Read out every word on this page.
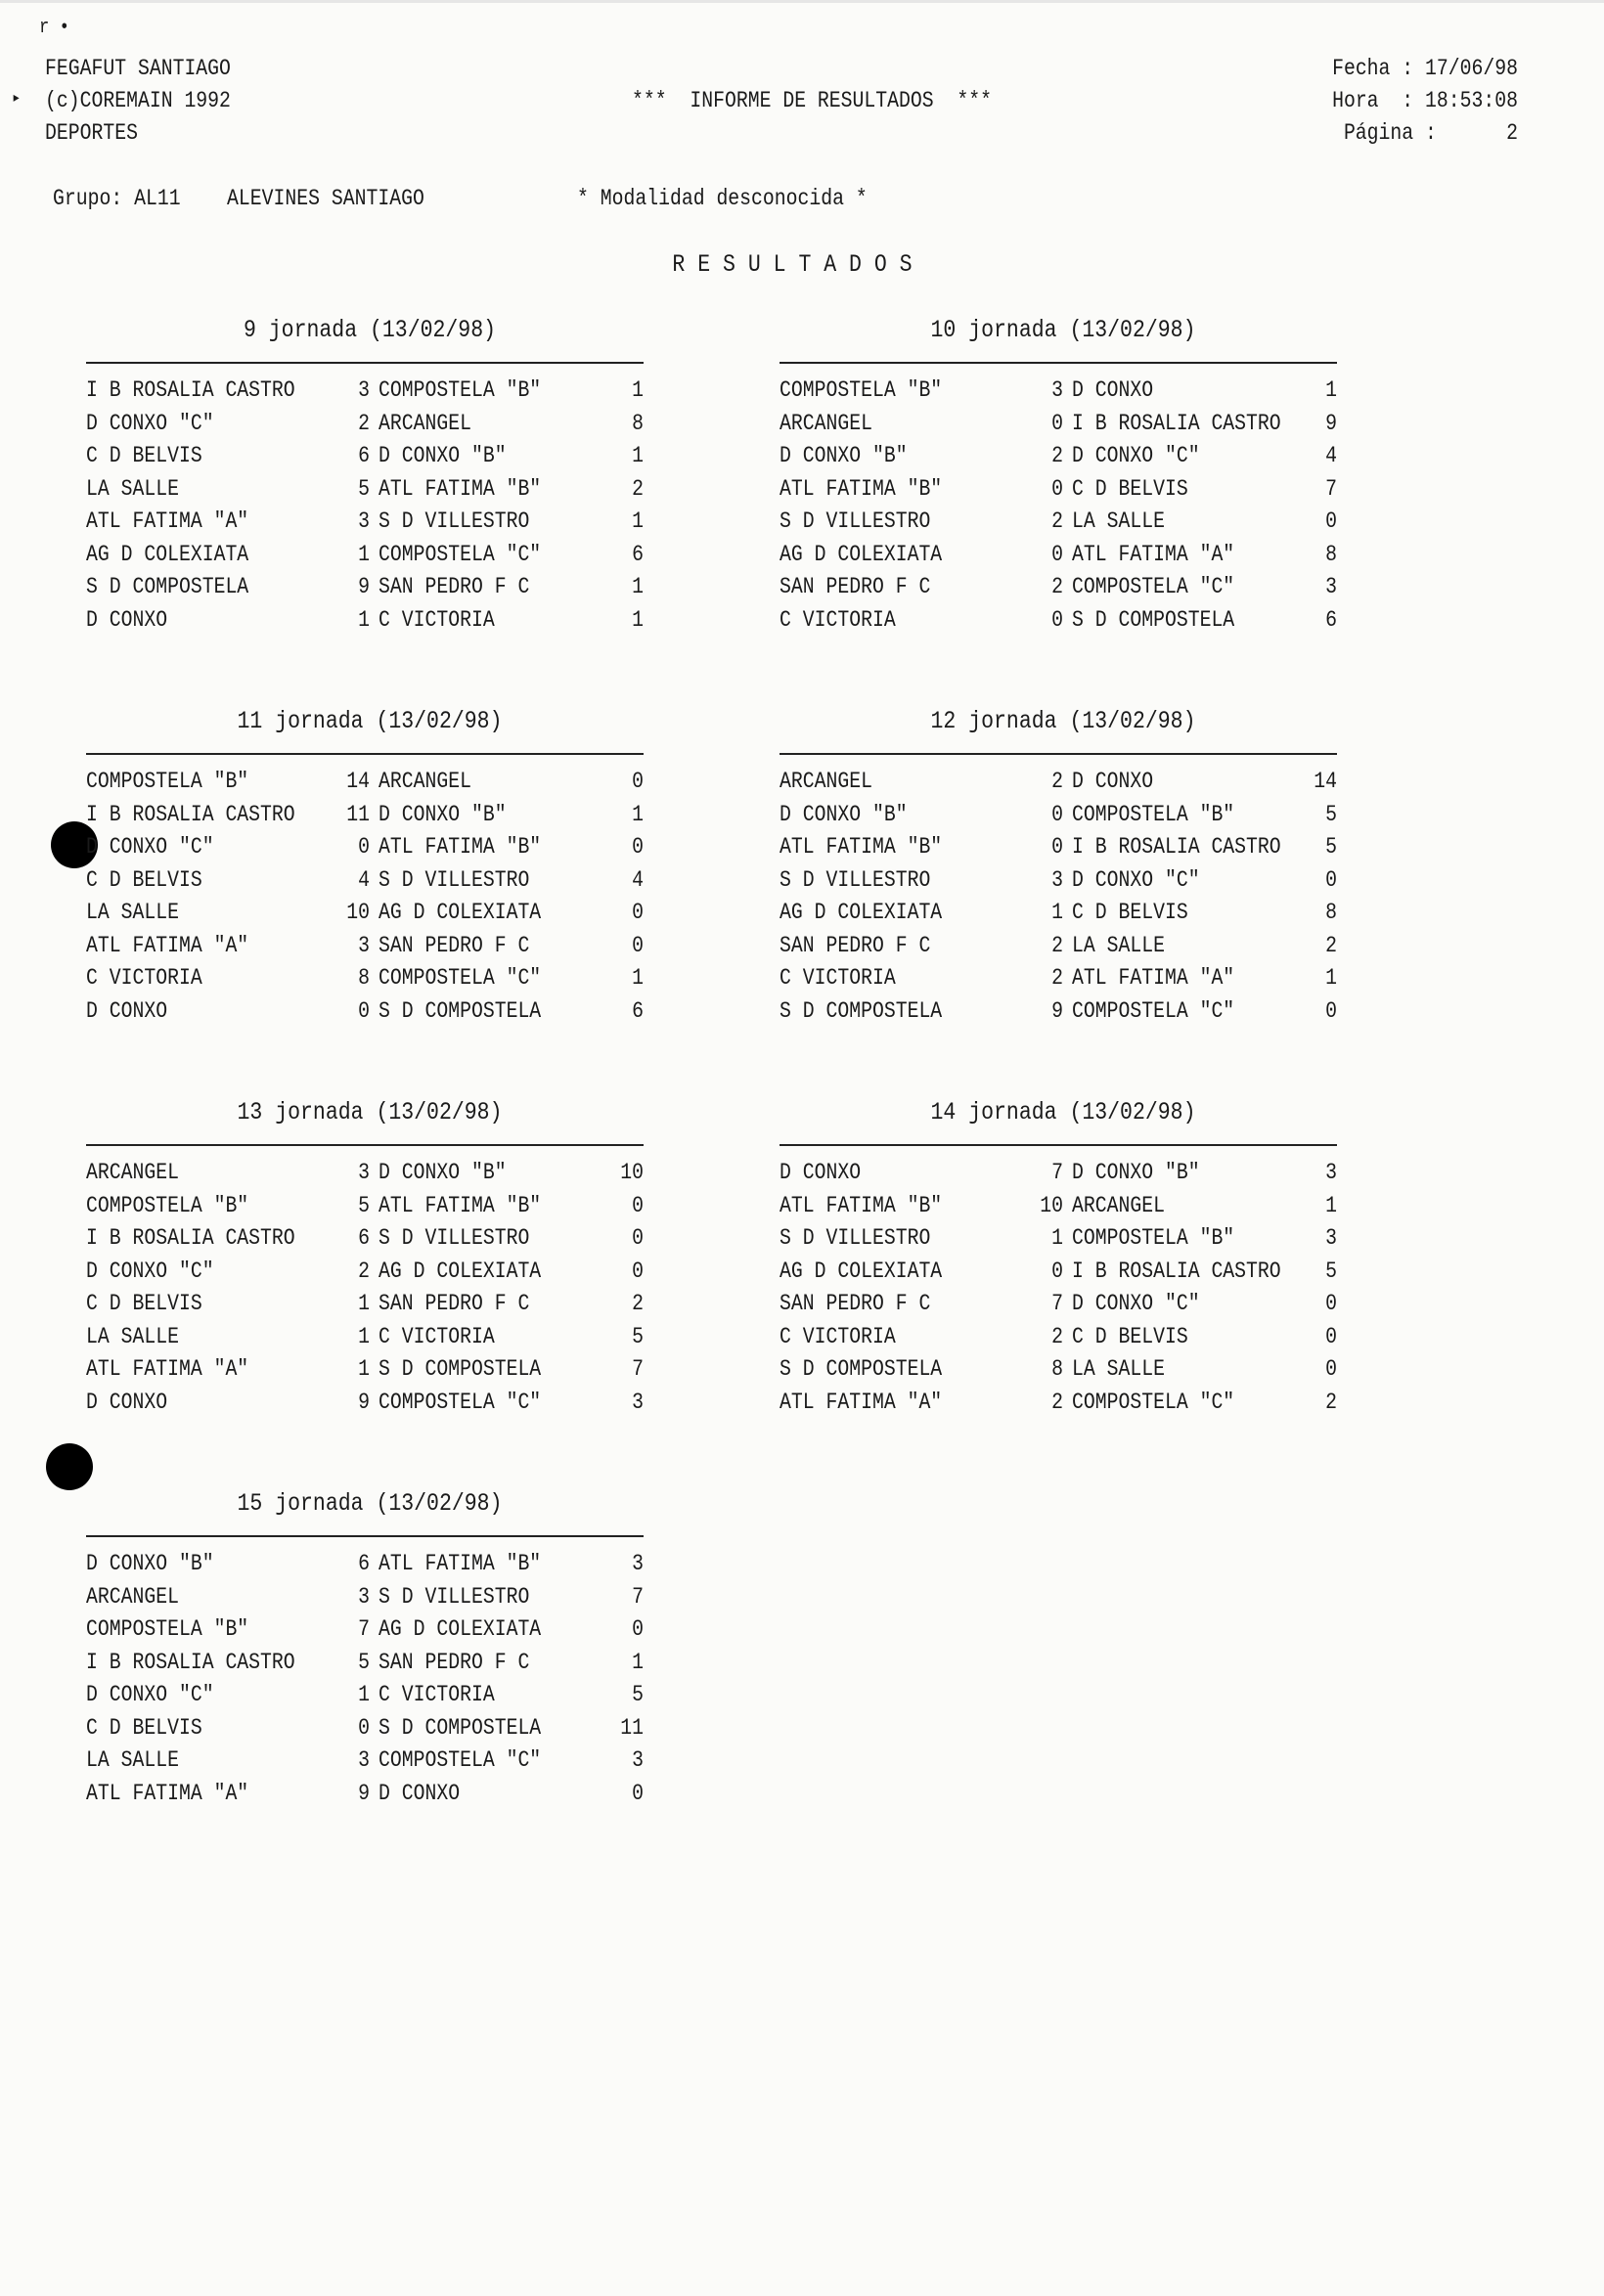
r •
▸
FEGAFUT SANTIAGO
(c)COREMAIN 1992
DEPORTES
***  INFORME DE RESULTADOS  ***
Fecha : 17/06/98
Hora  : 18:53:08
Página :      2
Grupo: AL11    ALEVINES SANTIAGO	* Modalidad desconocida *
R E S U L T A D O S
9 jornada (13/02/98)
I B ROSALIA CASTRO	3 COMPOSTELA "B"	1
D CONXO "C"	2 ARCANGEL	8
C D BELVIS	6 D CONXO "B"	1
LA SALLE	5 ATL FATIMA "B"	2
ATL FATIMA "A"	3 S D VILLESTRO	1
AG D COLEXIATA	1 COMPOSTELA "C"	6
S D COMPOSTELA	9 SAN PEDRO F C	1
D CONXO	1 C VICTORIA	1
10 jornada (13/02/98)
COMPOSTELA "B"	3 D CONXO	1
ARCANGEL	0 I B ROSALIA CASTRO	9
D CONXO "B"	2 D CONXO "C"	4
ATL FATIMA "B"	0 C D BELVIS	7
S D VILLESTRO	2 LA SALLE	0
AG D COLEXIATA	0 ATL FATIMA "A"	8
SAN PEDRO F C	2 COMPOSTELA "C"	3
C VICTORIA	0 S D COMPOSTELA	6
11 jornada (13/02/98)
COMPOSTELA "B"	14 ARCANGEL	0
I B ROSALIA CASTRO	11 D CONXO "B"	1
D CONXO "C"	0 ATL FATIMA "B"	0
C D BELVIS	4 S D VILLESTRO	4
LA SALLE	10 AG D COLEXIATA	0
ATL FATIMA "A"	3 SAN PEDRO F C	0
C VICTORIA	8 COMPOSTELA "C"	1
D CONXO	0 S D COMPOSTELA	6
12 jornada (13/02/98)
ARCANGEL	2 D CONXO	14
D CONXO "B"	0 COMPOSTELA "B"	5
ATL FATIMA "B"	0 I B ROSALIA CASTRO	5
S D VILLESTRO	3 D CONXO "C"	0
AG D COLEXIATA	1 C D BELVIS	8
SAN PEDRO F C	2 LA SALLE	2
C VICTORIA	2 ATL FATIMA "A"	1
S D COMPOSTELA	9 COMPOSTELA "C"	0
13 jornada (13/02/98)
ARCANGEL	3 D CONXO "B"	10
COMPOSTELA "B"	5 ATL FATIMA "B"	0
I B ROSALIA CASTRO	6 S D VILLESTRO	0
D CONXO "C"	2 AG D COLEXIATA	0
C D BELVIS	1 SAN PEDRO F C	2
LA SALLE	1 C VICTORIA	5
ATL FATIMA "A"	1 S D COMPOSTELA	7
D CONXO	9 COMPOSTELA "C"	3
14 jornada (13/02/98)
D CONXO	7 D CONXO "B"	3
ATL FATIMA "B"	10 ARCANGEL	1
S D VILLESTRO	1 COMPOSTELA "B"	3
AG D COLEXIATA	0 I B ROSALIA CASTRO	5
SAN PEDRO F C	7 D CONXO "C"	0
C VICTORIA	2 C D BELVIS	0
S D COMPOSTELA	8 LA SALLE	0
ATL FATIMA "A"	2 COMPOSTELA "C"	2
15 jornada (13/02/98)
D CONXO "B"	6 ATL FATIMA "B"	3
ARCANGEL	3 S D VILLESTRO	7
COMPOSTELA "B"	7 AG D COLEXIATA	0
I B ROSALIA CASTRO	5 SAN PEDRO F C	1
D CONXO "C"	1 C VICTORIA	5
C D BELVIS	0 S D COMPOSTELA	11
LA SALLE	3 COMPOSTELA "C"	3
ATL FATIMA "A"	9 D CONXO	0
